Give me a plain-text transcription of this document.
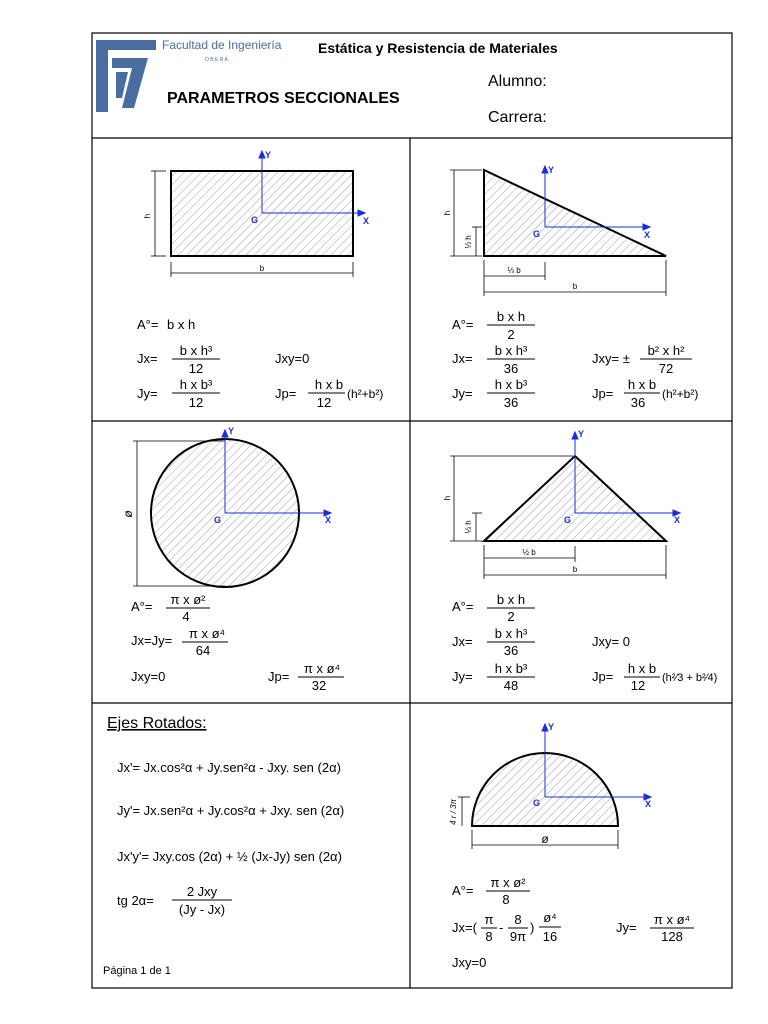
Facultad de Ingeniería
O B E R A
Estática y Resistencia de Materiales
PARAMETROS SECCIONALES
Alumno:
Carrera:
h
b
Y
X
G
A°= b x h
Jx=
b x h³
12
Jxy=0
Jy=
h x b³
12
Jp=
h x b
12
(h²+b²)
h
⅓ h
⅓ b
b
Y
X
G
A°=
b x h
2
Jx=
b x h³
36
Jxy= ±
b² x h²
72
Jy=
h x b³
36
Jp=
h x b
36
(h²+b²)
ø
Y
X
G
A°= π x ø²
4
Jx=Jy= π x ø⁴
64
Jxy=0	Jp=
π x ø⁴
32
h
⅓ h
½ b
b
Y
X
G
A°= b x h
2
Jx=
b x h³
36
Jxy= 0
Jy=
h x b³
48
Jp=
h x b
12 (h²⁄3 + b²⁄4)
Ejes Rotados:
Jx'= Jx.cos²α + Jy.sen²α - Jxy. sen (2α)
Jy'= Jx.sen²α + Jy.cos²α + Jxy. sen (2α)
Jx'y'= Jxy.cos (2α) + ½ (Jx-Jy) sen (2α)
tg 2α=
2 Jxy
(Jy - Jx)
ø
4 r / 3π
Y
X
G
A°=
π x ø²
8
Jx=(
π
8
-
8
9π
)
ø⁴
16
Jy=
π x ø⁴
128
Jxy=0
Página 1 de 1
